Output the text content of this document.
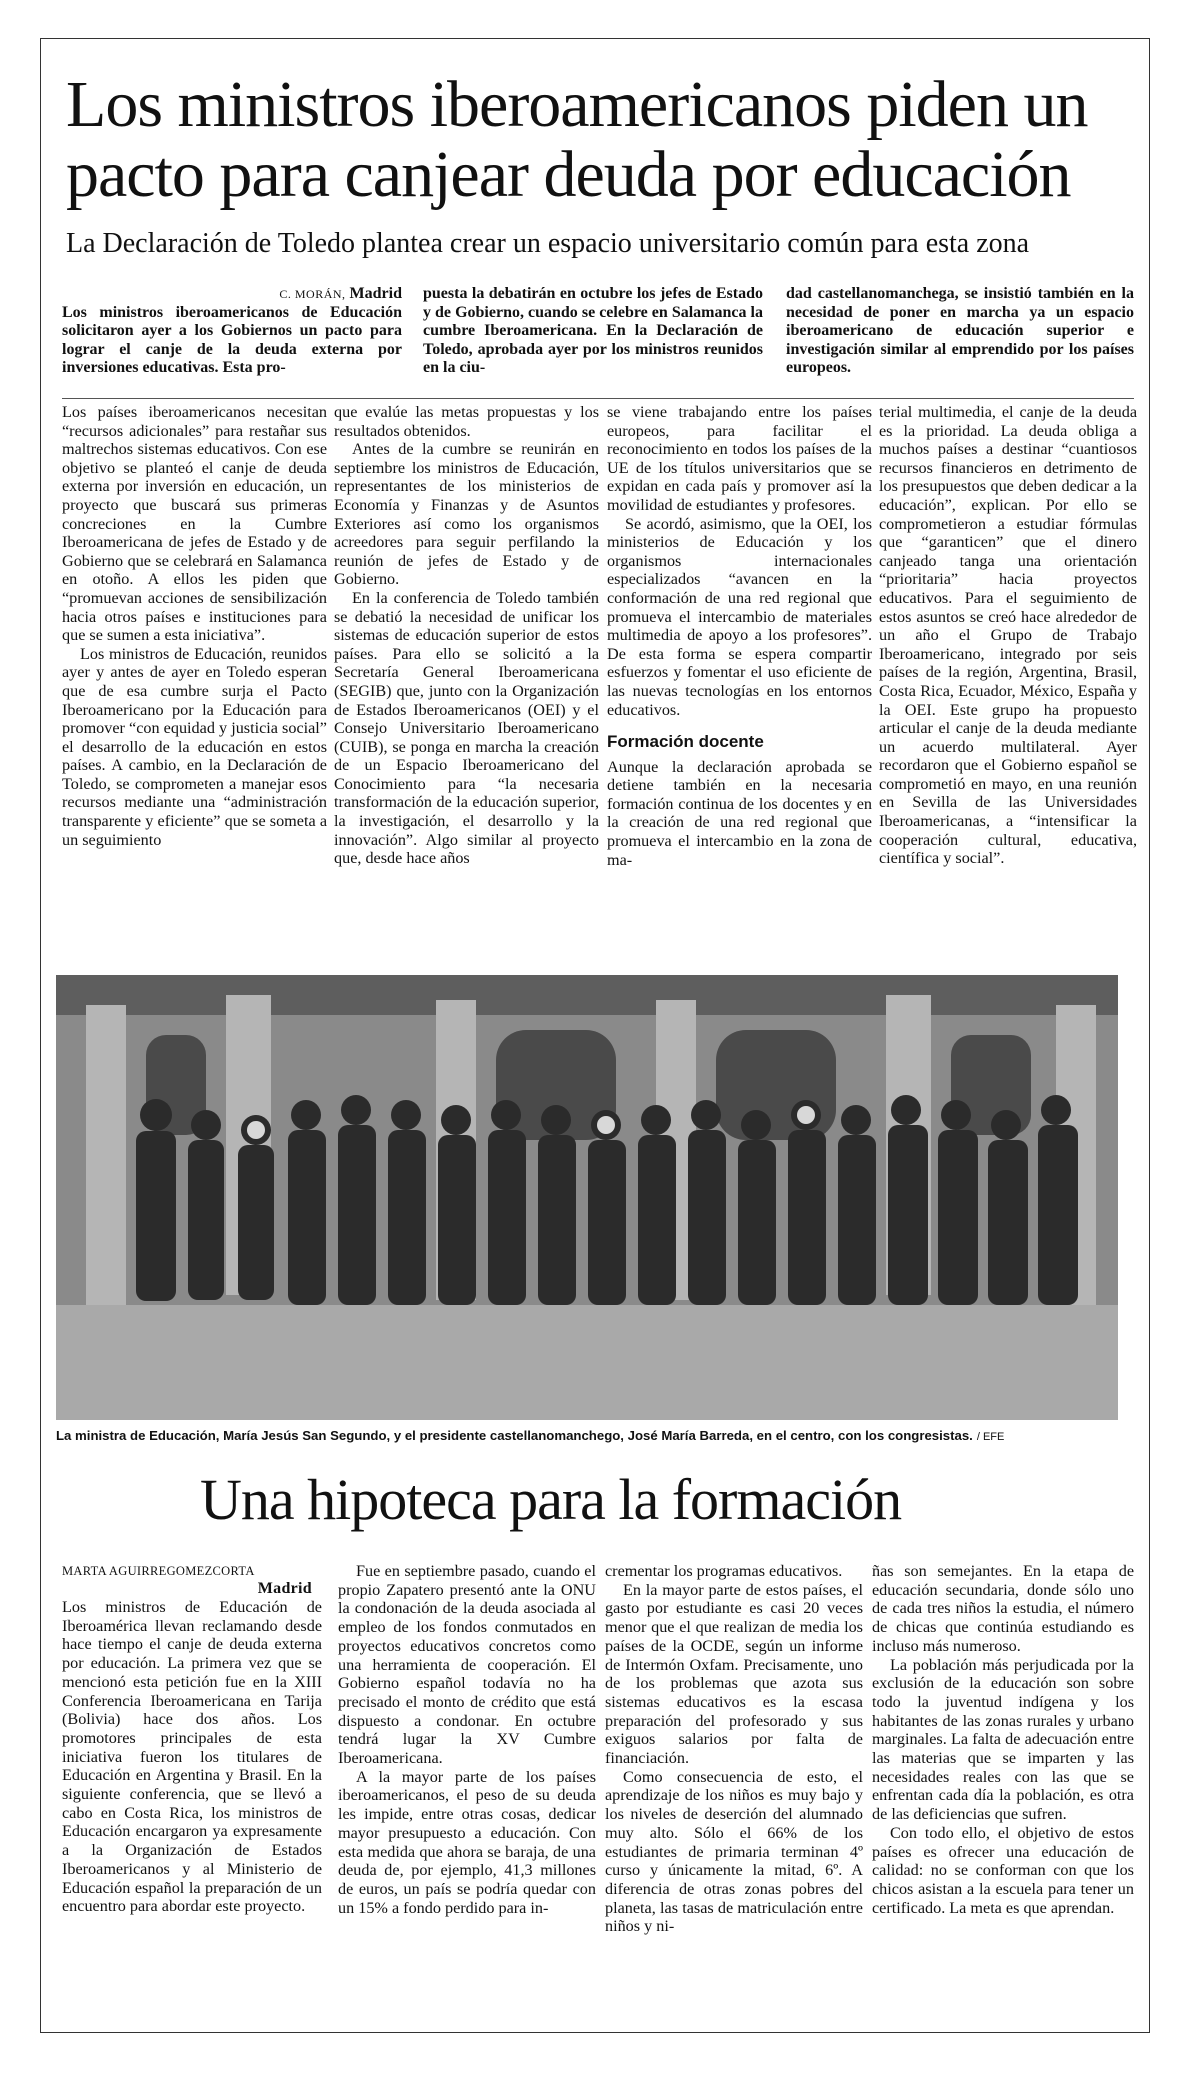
Los ministros iberoamericanos piden un pacto para canjear deuda por educación
La Declaración de Toledo plantea crear un espacio universitario común para esta zona

C. MORÁN, Madrid

Los ministros iberoamericanos de Educación solicitaron ayer a los Gobiernos un pacto para lograr el canje de la deuda externa por inversiones educativas. Esta pro-
puesta la debatirán en octubre los jefes de Estado y de Gobierno, cuando se celebre en Salamanca la cumbre Iberoamericana. En la Declaración de Toledo, aprobada ayer por los ministros reunidos en la ciu-
dad castellanomanchega, se insistió también en la necesidad de poner en marcha ya un espacio iberoamericano de educación superior e investigación similar al emprendido por los países europeos.

Los países iberoamericanos necesitan “recursos adicionales” para restañar sus maltrechos sistemas educativos. Con ese objetivo se planteó el canje de deuda externa por inversión en educación, un proyecto que buscará sus primeras concreciones en la Cumbre Iberoamericana de jefes de Estado y de Gobierno que se celebrará en Salamanca en otoño. A ellos les piden que “promuevan acciones de sensibilización hacia otros países e instituciones para que se sumen a esta iniciativa”.

Los ministros de Educación, reunidos ayer y antes de ayer en Toledo esperan que de esa cumbre surja el Pacto Iberoamericano por la Educación para promover “con equidad y justicia social” el desarrollo de la educación en estos países. A cambio, en la Declaración de Toledo, se comprometen a manejar esos recursos mediante una “administración transparente y eficiente” que se someta a un seguimiento

que evalúe las metas propuestas y los resultados obtenidos.

Antes de la cumbre se reunirán en septiembre los ministros de Educación, representantes de los ministerios de Economía y Finanzas y de Asuntos Exteriores así como los organismos acreedores para seguir perfilando la reunión de jefes de Estado y de Gobierno.

En la conferencia de Toledo también se debatió la necesidad de unificar los sistemas de educación superior de estos países. Para ello se solicitó a la Secretaría General Iberoamericana (SEGIB) que, junto con la Organización de Estados Iberoamericanos (OEI) y el Consejo Universitario Iberoamericano (CUIB), se ponga en marcha la creación de un Espacio Iberoamericano del Conocimiento para “la necesaria transformación de la educación superior, la investigación, el desarrollo y la innovación”. Algo similar al proyecto que, desde hace años

se viene trabajando entre los países europeos, para facilitar el reconocimiento en todos los países de la UE de los títulos universitarios que se expidan en cada país y promover así la movilidad de estudiantes y profesores.

Se acordó, asimismo, que la OEI, los ministerios de Educación y los organismos internacionales especializados “avancen en la conformación de una red regional que promueva el intercambio de materiales multimedia de apoyo a los profesores”. De esta forma se espera compartir esfuerzos y fomentar el uso eficiente de las nuevas tecnologías en los entornos educativos.

Formación docente

Aunque la declaración aprobada se detiene también en la necesaria formación continua de los docentes y en la creación de una red regional que promueva el intercambio en la zona de ma-

terial multimedia, el canje de la deuda es la prioridad. La deuda obliga a muchos países a destinar “cuantiosos recursos financieros en detrimento de los presupuestos que deben dedicar a la educación”, explican. Por ello se comprometieron a estudiar fórmulas que “garanticen” que el dinero canjeado tanga una orientación “prioritaria” hacia proyectos educativos. Para el seguimiento de estos asuntos se creó hace alrededor de un año el Grupo de Trabajo Iberoamericano, integrado por seis países de la región, Argentina, Brasil, Costa Rica, Ecuador, México, España y la OEI. Este grupo ha propuesto articular el canje de la deuda mediante un acuerdo multilateral. Ayer recordaron que el Gobierno español se comprometió en mayo, en una reunión en Sevilla de las Universidades Iberoamericanas, a “intensificar la cooperación cultural, educativa, científica y social”.

La ministra de Educación, María Jesús San Segundo, y el presidente castellanomanchego, José María Barreda, en el centro, con los congresistas. / EFE

Una hipoteca para la formación
MARTA AGUIRREGOMEZCORTA
Madrid

Los ministros de Educación de Iberoamérica llevan reclamando desde hace tiempo el canje de deuda externa por educación. La primera vez que se mencionó esta petición fue en la XIII Conferencia Iberoamericana en Tarija (Bolivia) hace dos años. Los promotores principales de esta iniciativa fueron los titulares de Educación en Argentina y Brasil. En la siguiente conferencia, que se llevó a cabo en Costa Rica, los ministros de Educación encargaron ya expresamente a la Organización de Estados Iberoamericanos y al Ministerio de Educación español la preparación de un encuentro para abordar este proyecto.

Fue en septiembre pasado, cuando el propio Zapatero presentó ante la ONU la condonación de la deuda asociada al empleo de los fondos conmutados en proyectos educativos concretos como una herramienta de cooperación. El Gobierno español todavía no ha precisado el monto de crédito que está dispuesto a condonar. En octubre tendrá lugar la XV Cumbre Iberoamericana.

A la mayor parte de los países iberoamericanos, el peso de su deuda les impide, entre otras cosas, dedicar mayor presupuesto a educación. Con esta medida que ahora se baraja, de una deuda de, por ejemplo, 41,3 millones de euros, un país se podría quedar con un 15% a fondo perdido para in-

crementar los programas educativos.

En la mayor parte de estos países, el gasto por estudiante es casi 20 veces menor que el que realizan de media los países de la OCDE, según un informe de Intermón Oxfam. Precisamente, uno de los problemas que azota sus sistemas educativos es la escasa preparación del profesorado y sus exiguos salarios por falta de financiación.

Como consecuencia de esto, el aprendizaje de los niños es muy bajo y los niveles de deserción del alumnado muy alto. Sólo el 66% de los estudiantes de primaria terminan 4º curso y únicamente la mitad, 6º. A diferencia de otras zonas pobres del planeta, las tasas de matriculación entre niños y ni-

ñas son semejantes. En la etapa de educación secundaria, donde sólo uno de cada tres niños la estudia, el número de chicas que continúa estudiando es incluso más numeroso.

La población más perjudicada por la exclusión de la educación son sobre todo la juventud indígena y los habitantes de las zonas rurales y urbano marginales. La falta de adecuación entre las materias que se imparten y las necesidades reales con las que se enfrentan cada día la población, es otra de las deficiencias que sufren.

Con todo ello, el objetivo de estos países es ofrecer una educación de calidad: no se conforman con que los chicos asistan a la escuela para tener un certificado. La meta es que aprendan.
